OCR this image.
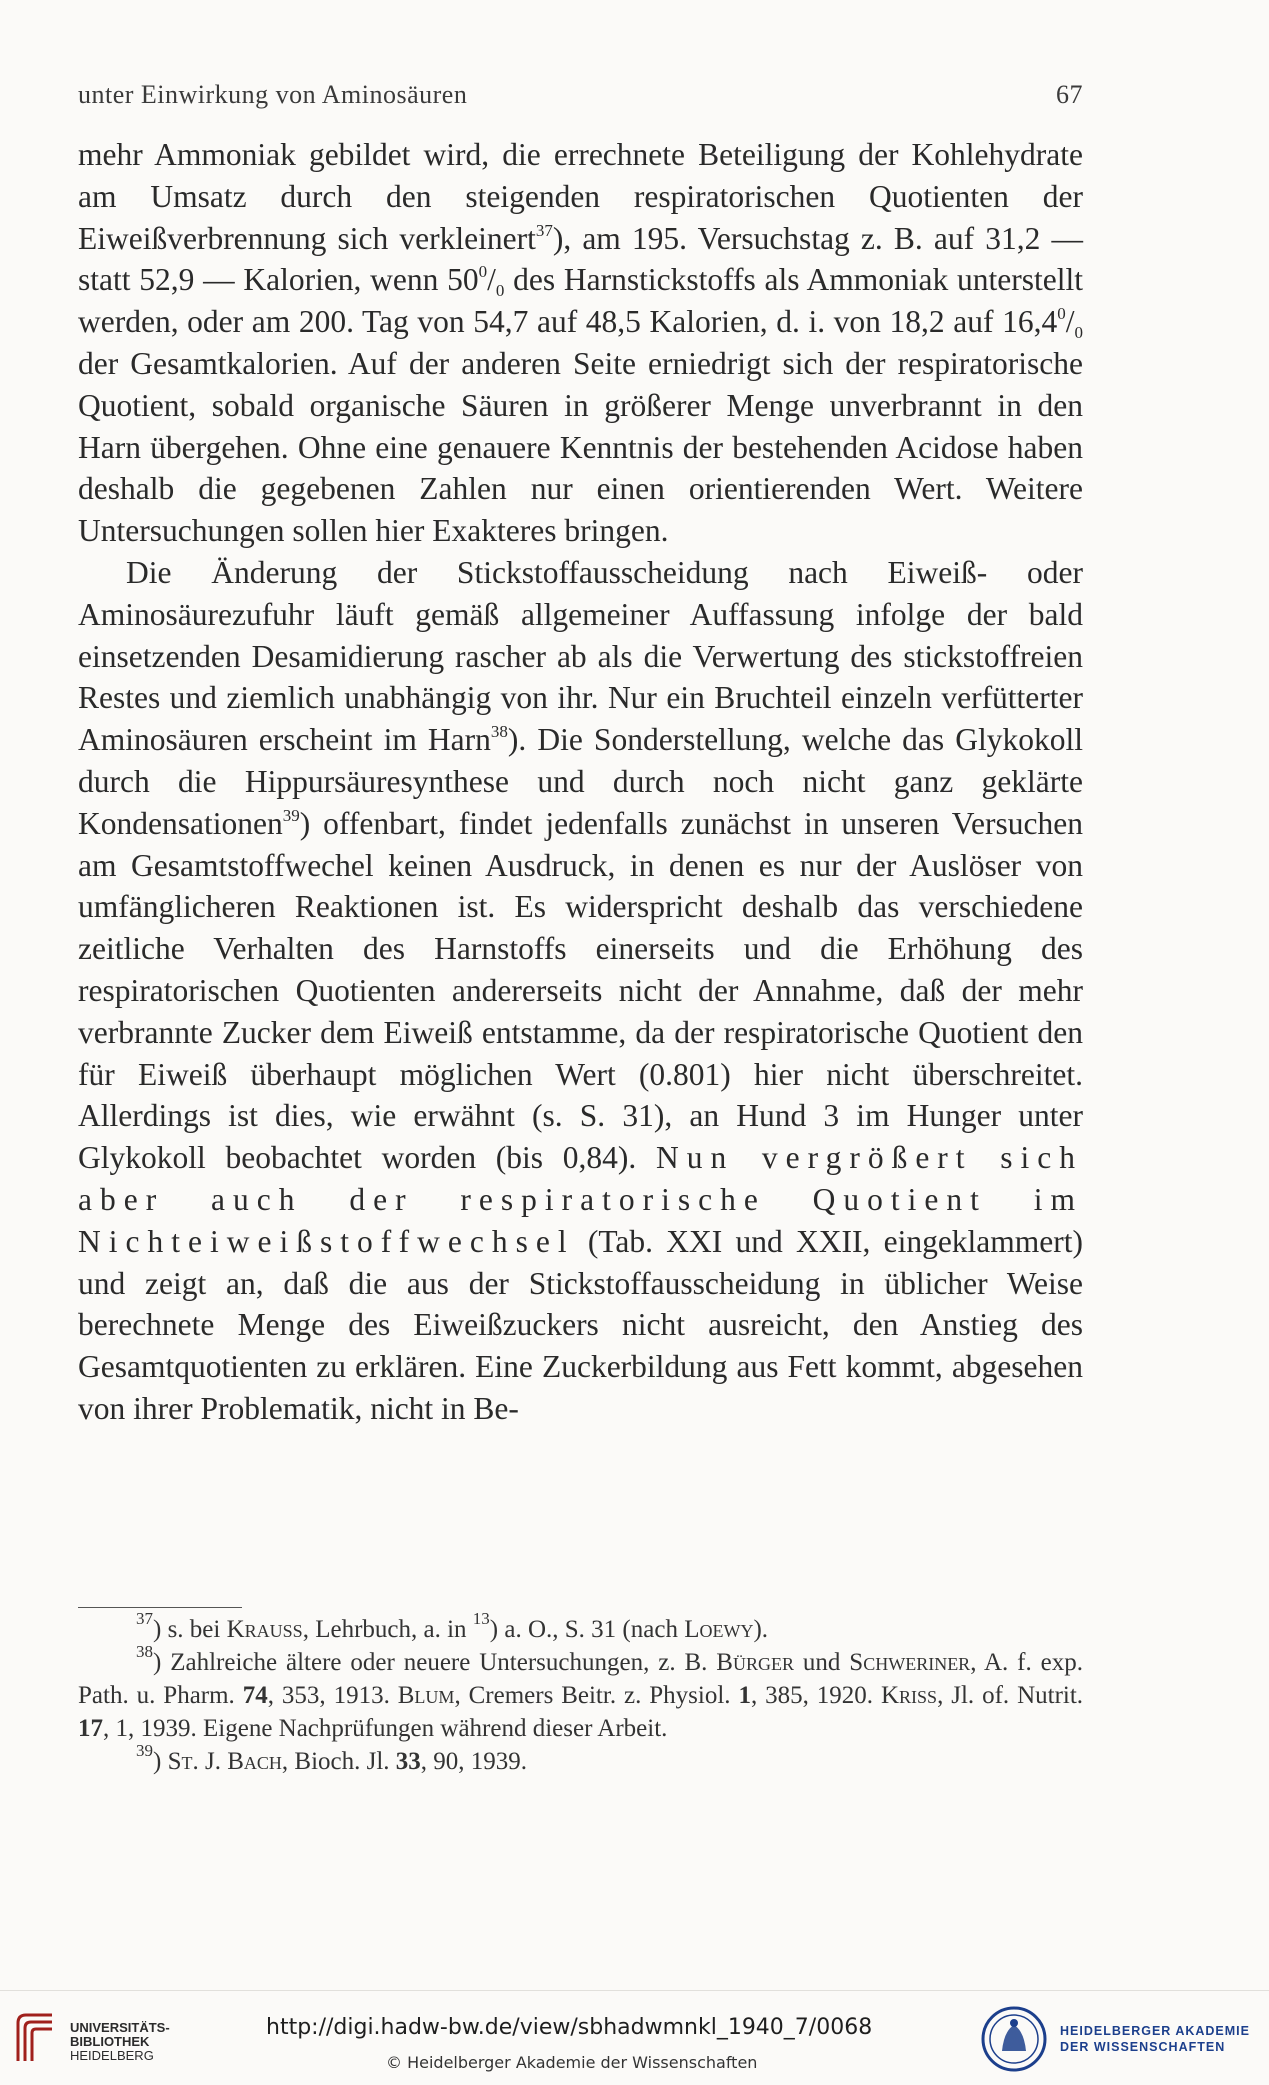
unter Einwirkung von Aminosäuren	67

mehr Ammoniak gebildet wird, die errechnete Beteiligung der Kohlehydrate am Umsatz durch den steigenden respiratorischen Quotienten der Eiweißverbrennung sich verkleinert$^{37}$), am 195. Versuchstag z. B. auf 31,2 — statt 52,9 — Kalorien, wenn $50^0/_0$ des Harnstickstoffs als Ammoniak unterstellt werden, oder am 200. Tag von 54,7 auf 48,5 Kalorien, d. i. von 18,2 auf $16,4^0/_0$ der Gesamtkalorien. Auf der anderen Seite erniedrigt sich der respiratorische Quotient, sobald organische Säuren in größerer Menge unverbrannt in den Harn übergehen. Ohne eine genauere Kenntnis der bestehenden Acidose haben deshalb die gegebenen Zahlen nur einen orientierenden Wert. Weitere Untersuchungen sollen hier Exakteres bringen.

Die Änderung der Stickstoffausscheidung nach Eiweiß- oder Aminosäurezufuhr läuft gemäß allgemeiner Auffassung infolge der bald einsetzenden Desamidierung rascher ab als die Verwertung des stickstoffreien Restes und ziemlich unabhängig von ihr. Nur ein Bruchteil einzeln verfütterter Aminosäuren erscheint im Harn$^{38}$). Die Sonderstellung, welche das Glykokoll durch die Hippursäuresynthese und durch noch nicht ganz geklärte Kondensationen$^{39}$) offenbart, findet jedenfalls zunächst in unseren Versuchen am Gesamtstoffwechel keinen Ausdruck, in denen es nur der Auslöser von umfänglicheren Reaktionen ist. Es widerspricht deshalb das verschiedene zeitliche Verhalten des Harnstoffs einerseits und die Erhöhung des respiratorischen Quotienten andererseits nicht der Annahme, daß der mehr verbrannte Zucker dem Eiweiß entstamme, da der respiratorische Quotient den für Eiweiß überhaupt möglichen Wert (0.801) hier nicht überschreitet. Allerdings ist dies, wie erwähnt (s. S. 31), an Hund 3 im Hunger unter Glykokoll beobachtet worden (bis 0,84). Nun vergrößert sich aber auch der respiratorische Quotient im Nichteiweißstoffwechsel (Tab. XXI und XXII, eingeklammert) und zeigt an, daß die aus der Stickstoffausscheidung in üblicher Weise berechnete Menge des Eiweißzuckers nicht ausreicht, den Anstieg des Gesamtquotienten zu erklären. Eine Zuckerbildung aus Fett kommt, abgesehen von ihrer Problematik, nicht in Be-

$^{37}$) s. bei Krauss, Lehrbuch, a. in $^{13}$) a. O., S. 31 (nach Loewy).

$^{38}$) Zahlreiche ältere oder neuere Untersuchungen, z. B. Bürger und Schweriner, A. f. exp. Path. u. Pharm. 74, 353, 1913. Blum, Cremers Beitr. z. Physiol. 1, 385, 1920. Kriss, Jl. of. Nutrit. 17, 1, 1939. Eigene Nachprüfungen während dieser Arbeit.

$^{39}$) St. J. Bach, Bioch. Jl. 33, 90, 1939.

UNIVERSITÄTS-
BIBLIOTHEK
HEIDELBERG
http://digi.hadw-bw.de/view/sbhadwmnkl_1940_7/0068
© Heidelberger Akademie der Wissenschaften
HEIDELBERGER AKADEMIE
DER WISSENSCHAFTEN
